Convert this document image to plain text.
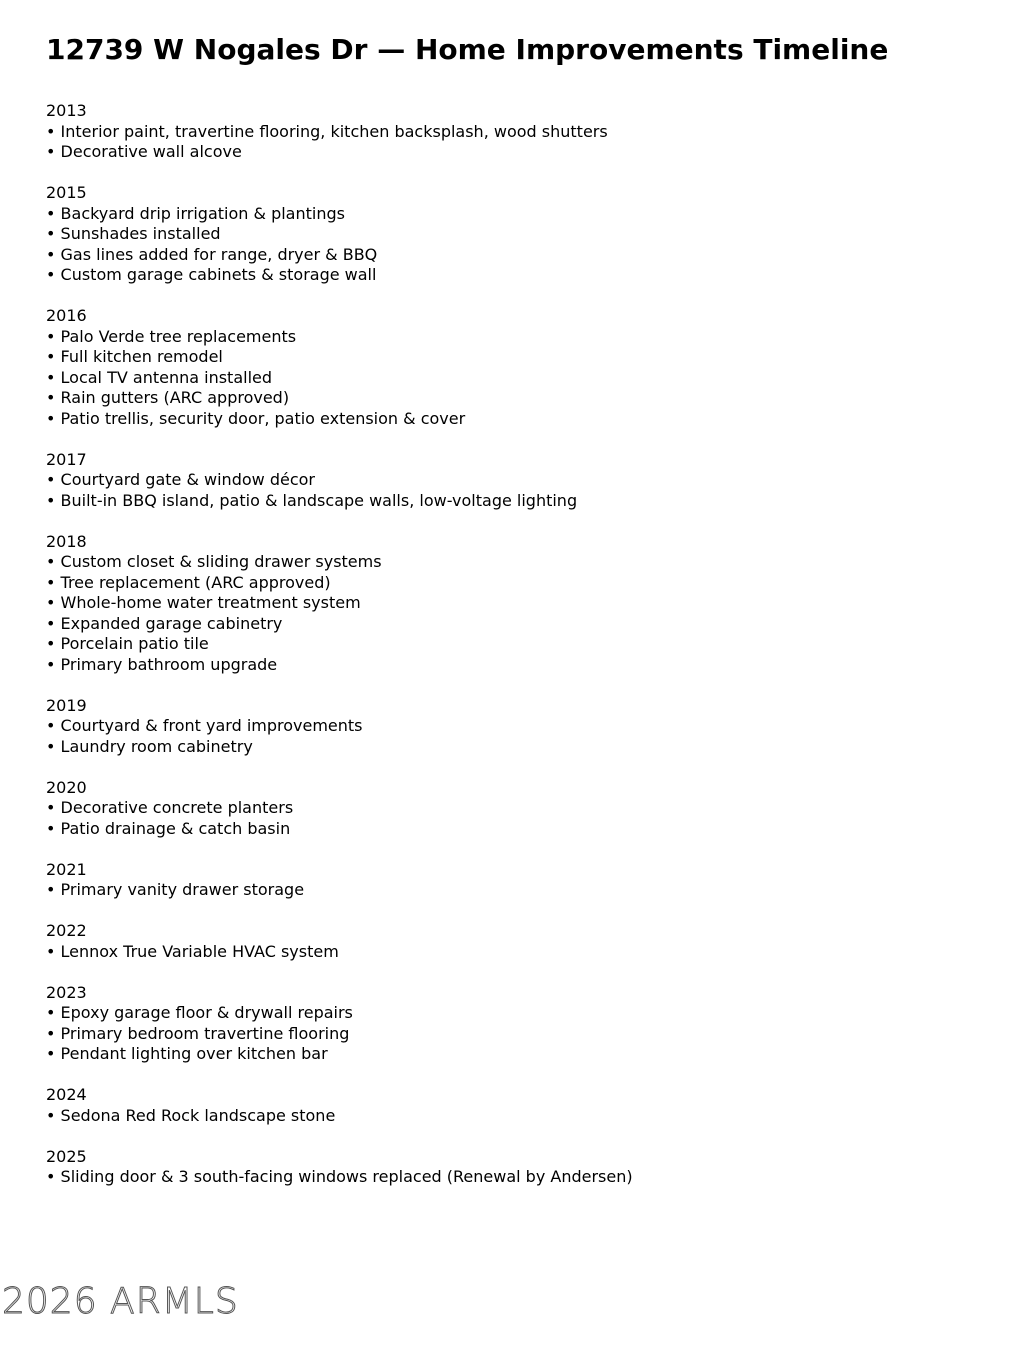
12739 W Nogales Dr — Home Improvements Timeline
2013
• Interior paint, travertine flooring, kitchen backsplash, wood shutters
• Decorative wall alcove
2015
• Backyard drip irrigation & plantings
• Sunshades installed
• Gas lines added for range, dryer & BBQ
• Custom garage cabinets & storage wall
2016
• Palo Verde tree replacements
• Full kitchen remodel
• Local TV antenna installed
• Rain gutters (ARC approved)
• Patio trellis, security door, patio extension & cover
2017
• Courtyard gate & window décor
• Built-in BBQ island, patio & landscape walls, low-voltage lighting
2018
• Custom closet & sliding drawer systems
• Tree replacement (ARC approved)
• Whole-home water treatment system
• Expanded garage cabinetry
• Porcelain patio tile
• Primary bathroom upgrade
2019
• Courtyard & front yard improvements
• Laundry room cabinetry
2020
• Decorative concrete planters
• Patio drainage & catch basin
2021
• Primary vanity drawer storage
2022
• Lennox True Variable HVAC system
2023
• Epoxy garage floor & drywall repairs
• Primary bedroom travertine flooring
• Pendant lighting over kitchen bar
2024
• Sedona Red Rock landscape stone
2025
• Sliding door & 3 south-facing windows replaced (Renewal by Andersen)
2026 ARMLS
